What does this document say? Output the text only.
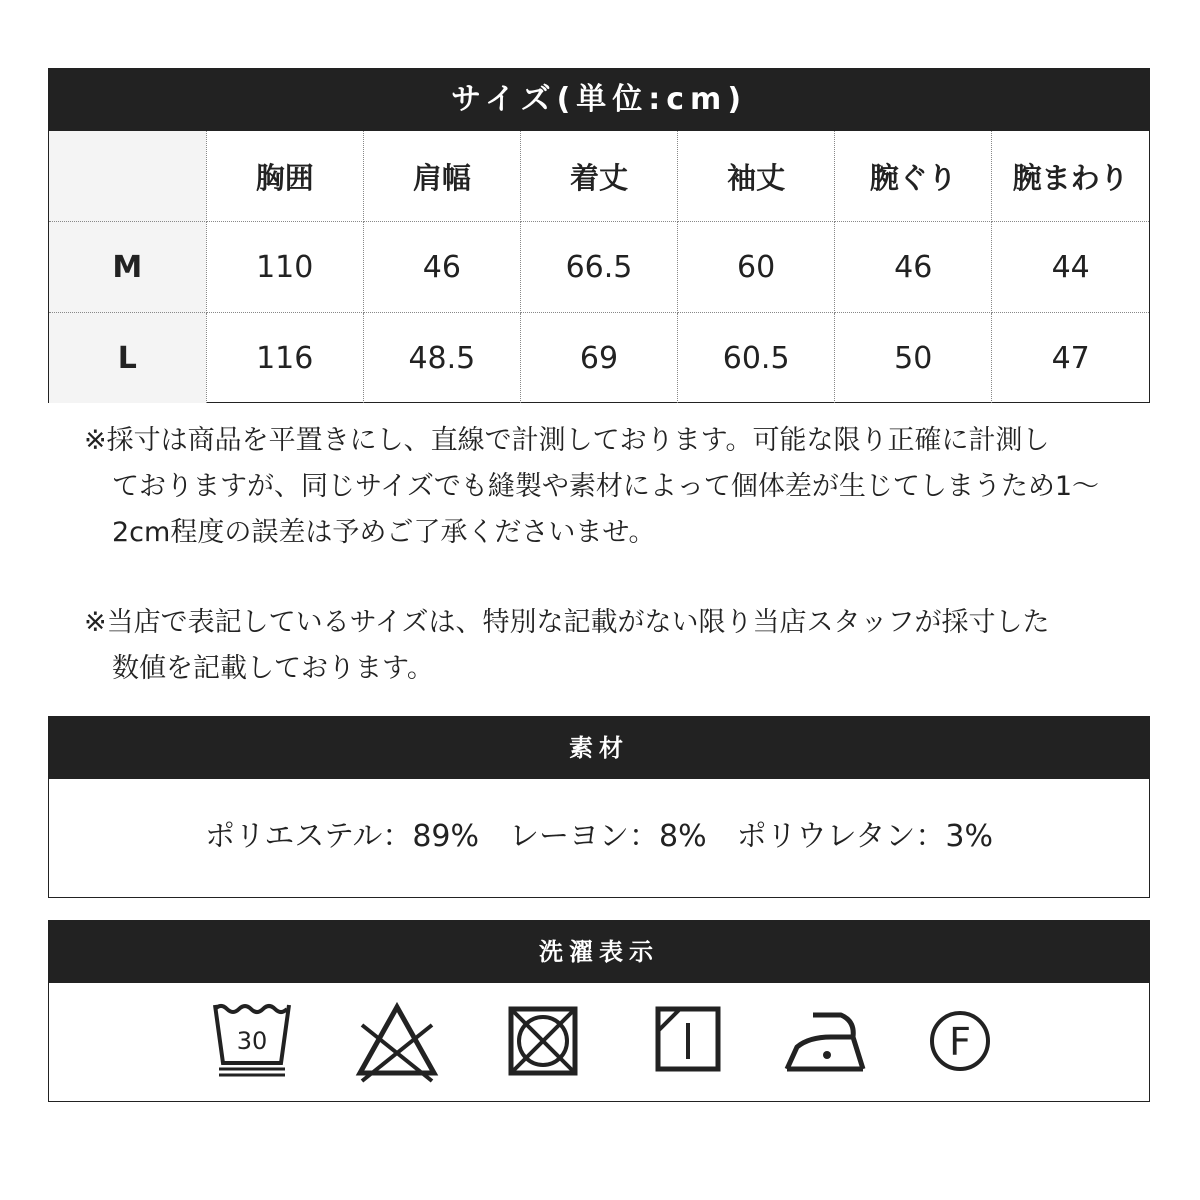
サイズ(単位:cm)
	胸囲	肩幅	着丈	袖丈	腕ぐり	腕まわり
M	110	46	66.5	60	46	44
L	116	48.5	69	60.5	50	47
※採寸は商品を平置きにし、直線で計測しております。可能な限り正確に計測し
ておりますが、同じサイズでも縫製や素材によって個体差が生じてしまうため1～2cm程度の誤差は予めご了承くださいませ。
※当店で表記しているサイズは、特別な記載がない限り当店スタッフが採寸した
数値を記載しております。
素材
ポリエステル：89%　レーヨン：8%　ポリウレタン：3%
洗濯表示
30	F
